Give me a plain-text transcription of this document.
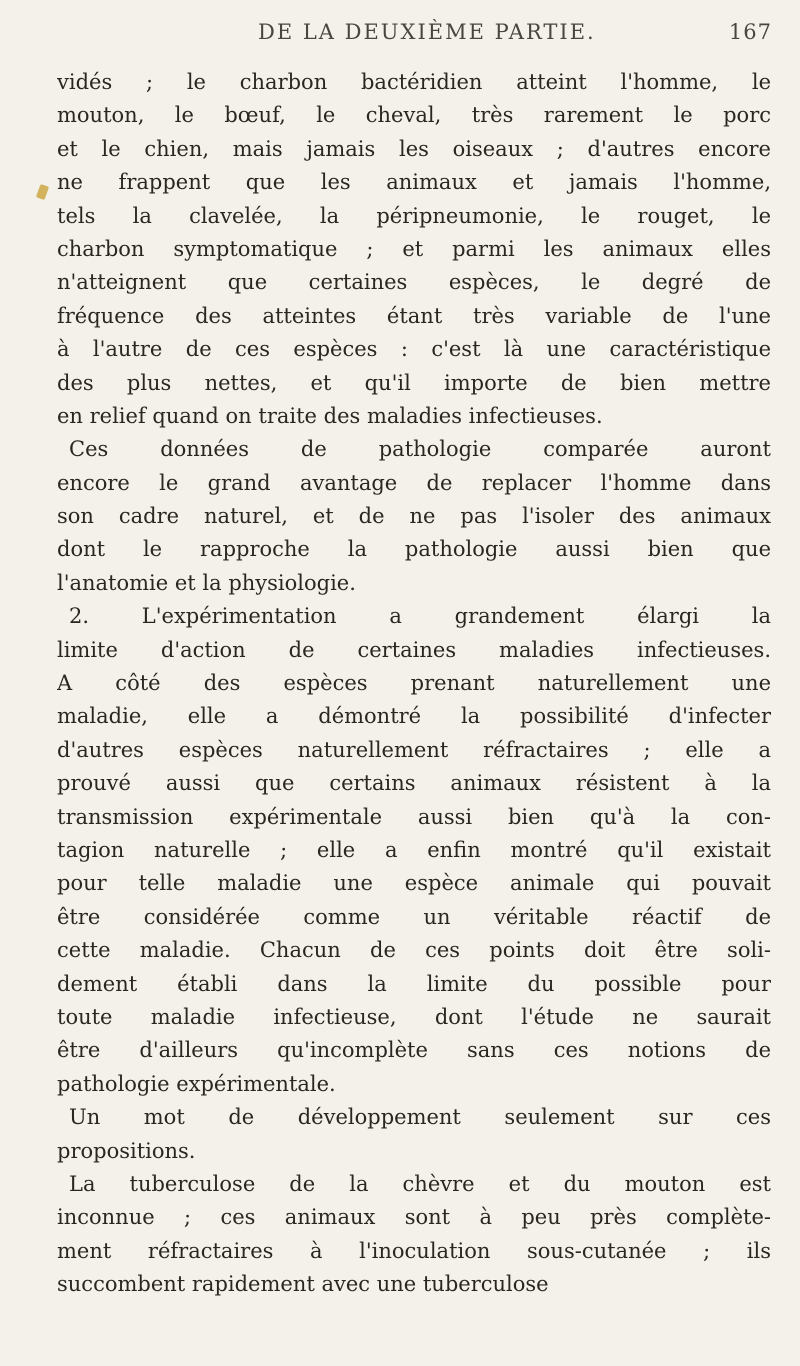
DE LA DEUXIÈME PARTIE.	167
vidés ; le charbon bactéridien atteint l'homme, le
mouton, le bœuf, le cheval, très rarement le porc
et le chien, mais jamais les oiseaux ; d'autres encore
ne frappent que les animaux et jamais l'homme,
tels la clavelée, la péripneumonie, le rouget, le
charbon symptomatique ; et parmi les animaux elles
n'atteignent que certaines espèces, le degré de
fréquence des atteintes étant très variable de l'une
à l'autre de ces espèces : c'est là une caractéristique
des plus nettes, et qu'il importe de bien mettre
en relief quand on traite des maladies infectieuses.
Ces données de pathologie comparée auront
encore le grand avantage de replacer l'homme dans
son cadre naturel, et de ne pas l'isoler des animaux
dont le rapproche la pathologie aussi bien que
l'anatomie et la physiologie.
2. L'expérimentation a grandement élargi la
limite d'action de certaines maladies infectieuses.
A côté des espèces prenant naturellement une
maladie, elle a démontré la possibilité d'infecter
d'autres espèces naturellement réfractaires ; elle a
prouvé aussi que certains animaux résistent à la
transmission expérimentale aussi bien qu'à la con-
tagion naturelle ; elle a enfin montré qu'il existait
pour telle maladie une espèce animale qui pouvait
être considérée comme un véritable réactif de
cette maladie. Chacun de ces points doit être soli-
dement établi dans la limite du possible pour
toute maladie infectieuse, dont l'étude ne saurait
être d'ailleurs qu'incomplète sans ces notions de
pathologie expérimentale.
Un mot de développement seulement sur ces
propositions.
La tuberculose de la chèvre et du mouton est
inconnue ; ces animaux sont à peu près complète-
ment réfractaires à l'inoculation sous-cutanée ; ils
succombent rapidement avec une tuberculose
